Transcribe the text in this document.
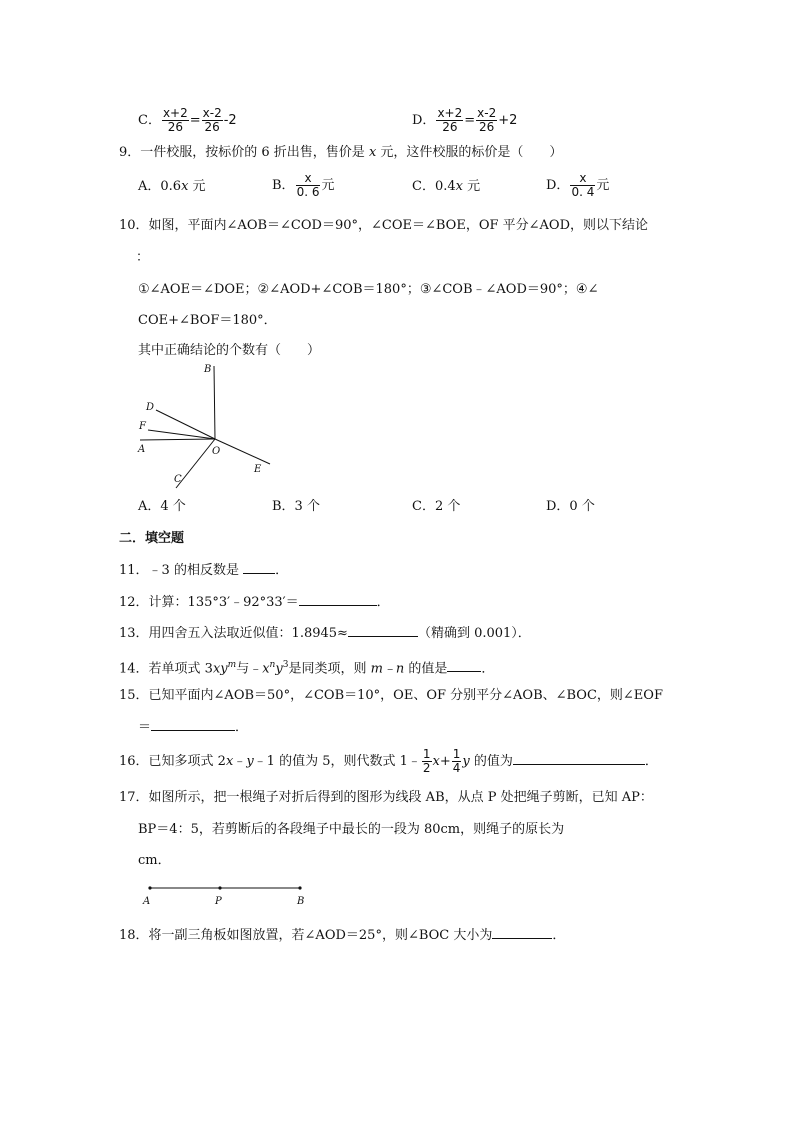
C． $\frac{x+2}{26} = \frac{x-2}{26} -2$	D． $\frac{x+2}{26} = \frac{x-2}{26} +2$
9．一件校服，按标价的 6 折出售，售价是 x 元，这件校服的标价是（　　）
A．0.6x 元	B． $\frac{x}{0. 6}$ 元	C．0.4x 元	D． $\frac{x}{0. 4}$ 元
10．如图，平面内∠AOB＝∠COD＝90°，∠COE＝∠BOE，OF 平分∠AOD，则以下结论
：
①∠AOE＝∠DOE；②∠AOD+∠COB＝180°；③∠COB﹣∠AOD＝90°；④∠
COE+∠BOF＝180°．
其中正确结论的个数有（　　）
B
D
F
A	O
E
C
A．4 个	B．3 个	C．2 个	D．0 个
二．填空题
11．﹣3 的相反数是 ．
12．计算：135°3′﹣92°33′＝	．
13．用四舍五入法取近似值：1.8945≈	（精确到 0.001）．
14．若单项式 $3xy^m$与$﹣x^ny^3$是同类项，则 m﹣n 的值是	．
15．已知平面内∠AOB＝50°，∠COB＝10°，OE、OF 分别平分∠AOB、∠BOC，则∠EOF
＝	．
16．已知多项式 2x﹣y﹣1 的值为 5，则代数式 1﹣ $\frac{1}{2} x+ \frac{1}{4}$ y 的值为	．
17．如图所示，把一根绳子对折后得到的图形为线段 AB，从点 P 处把绳子剪断，已知 AP：
BP＝4：5，若剪断后的各段绳子中最长的一段为 80cm，则绳子的原长为
cm．
A	P	B
18．将一副三角板如图放置，若∠AOD＝25°，则∠BOC 大小为	．
